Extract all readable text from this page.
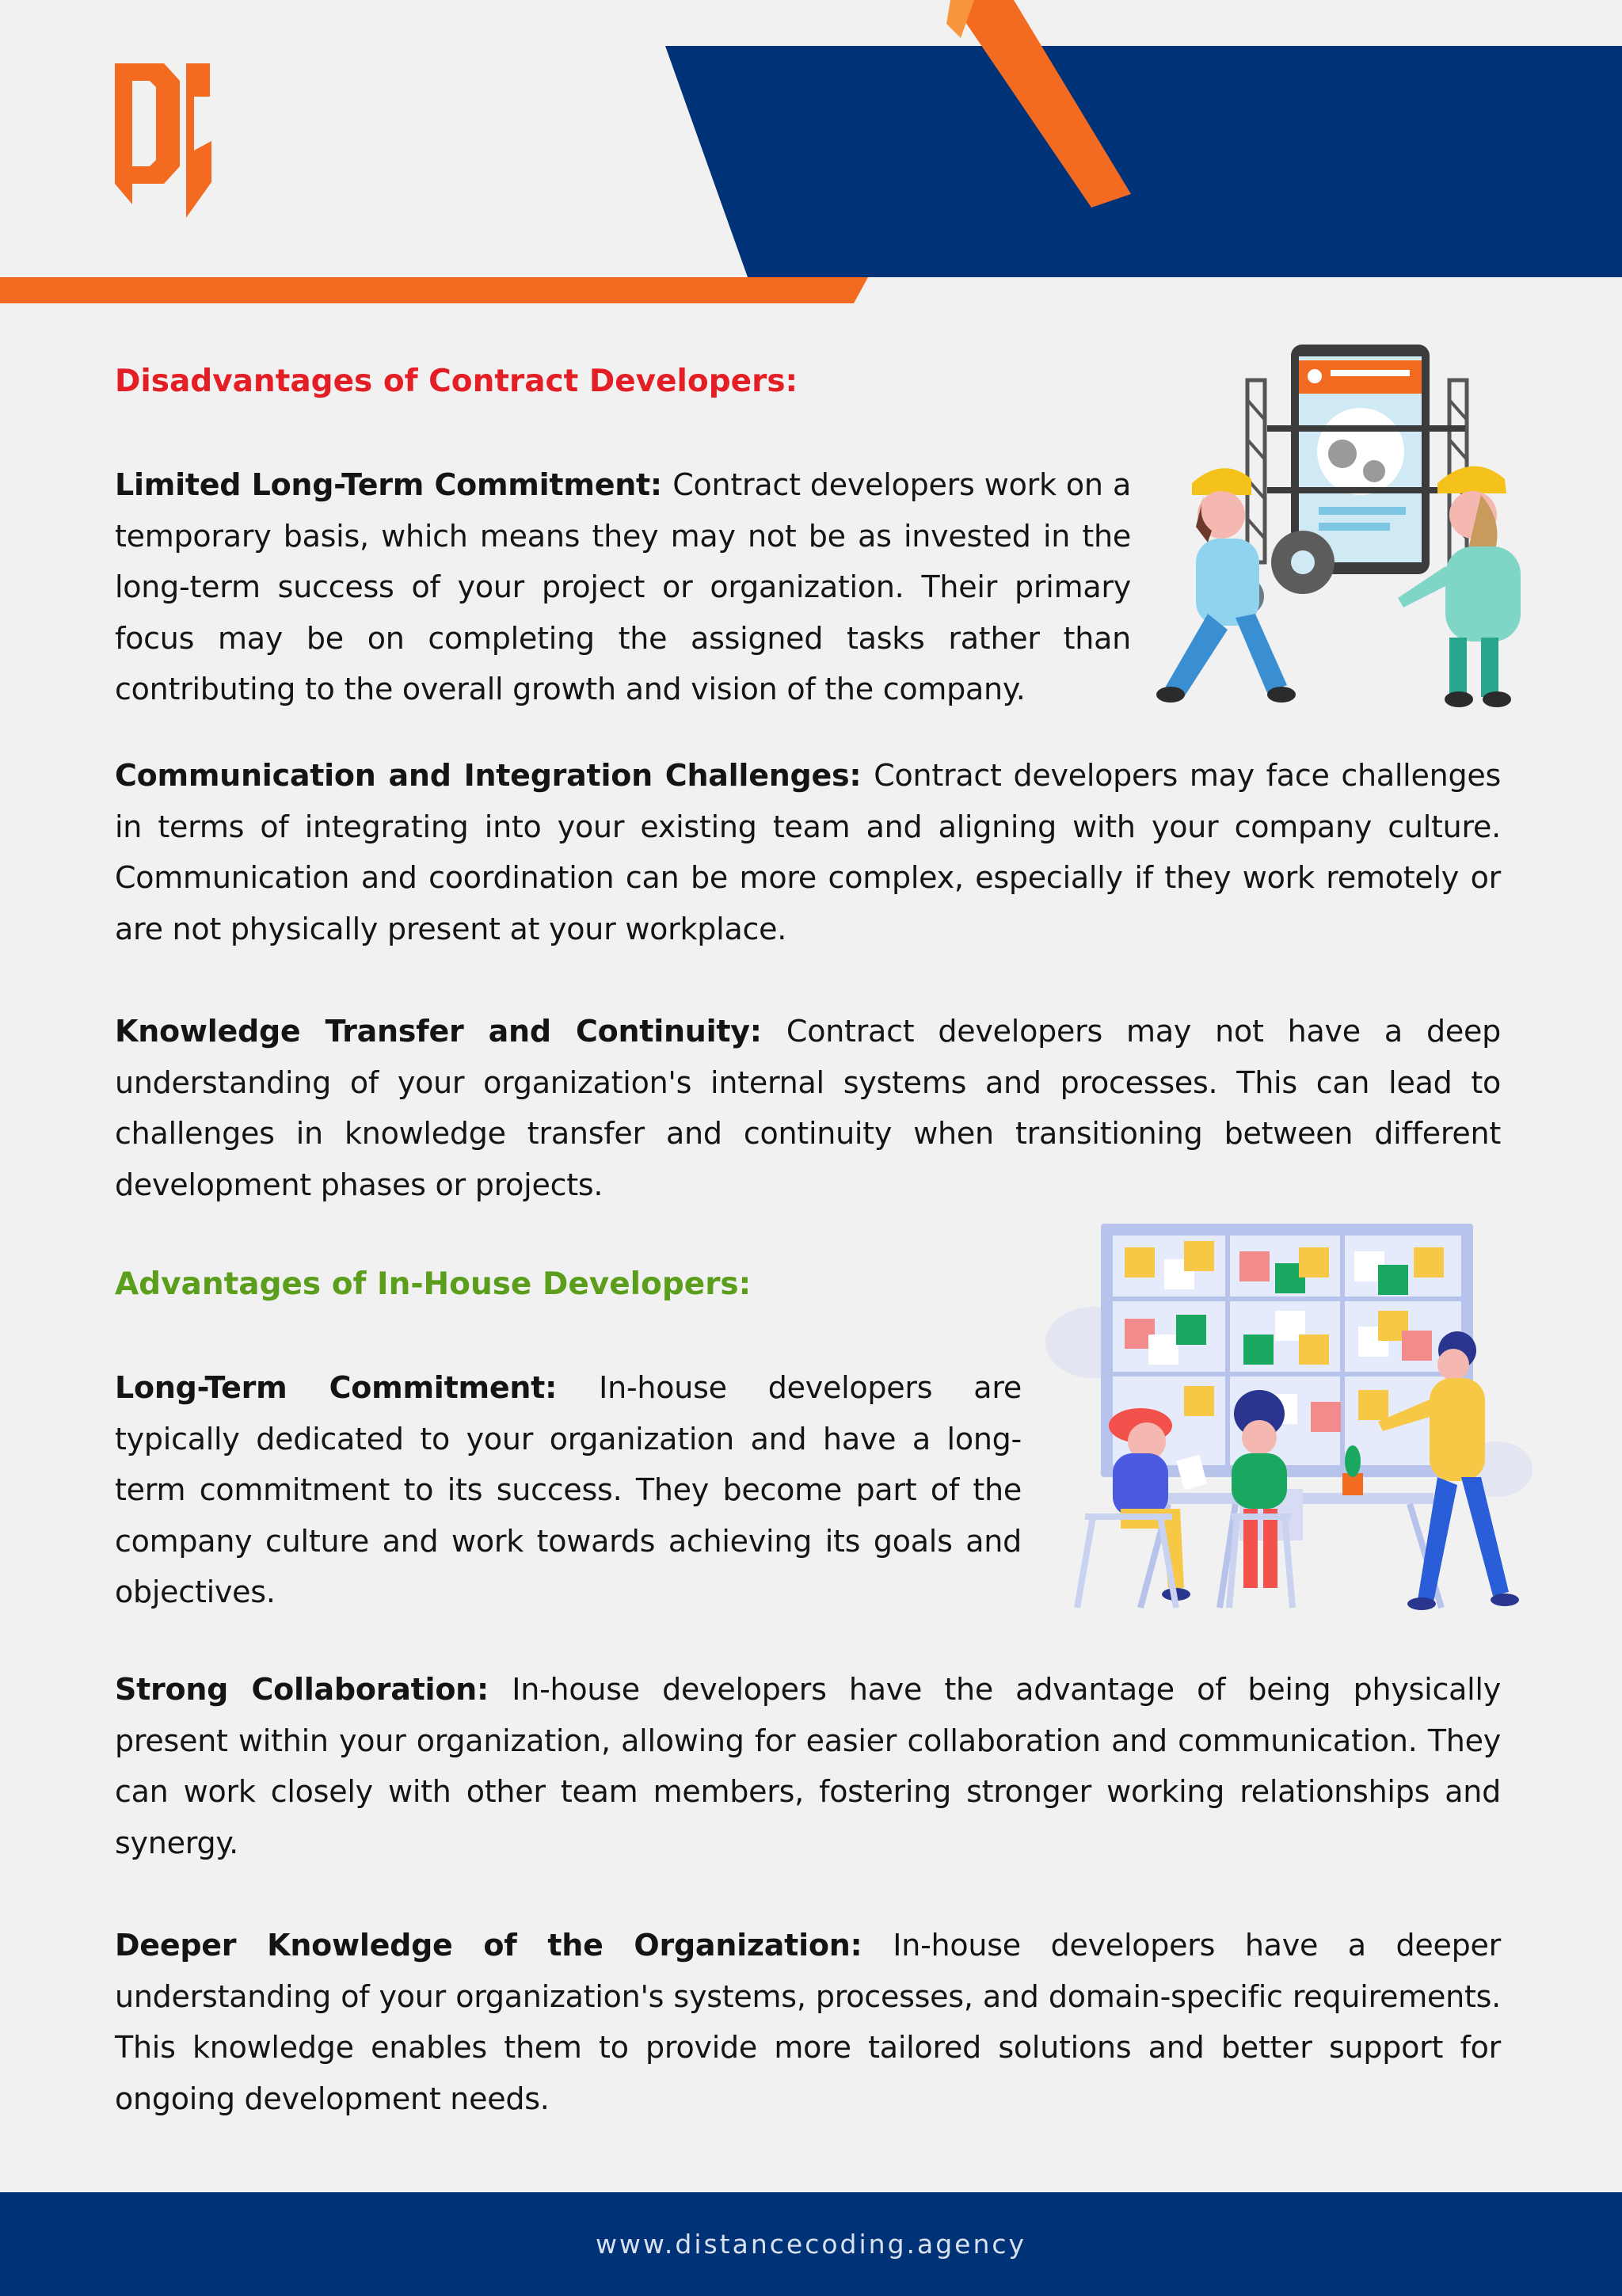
Disadvantages of Contract Developers:

Limited Long-Term Commitment: Contract developers work on a temporary basis, which means they may not be as invested in the long-term success of your project or organization. Their primary focus may be on completing the assigned tasks rather than contributing to the overall growth and vision of the company.

Communication and Integration Challenges: Contract developers may face challenges in terms of integrating into your existing team and aligning with your company culture. Communication and coordination can be more complex, especially if they work remotely or are not physically present at your workplace.

Knowledge Transfer and Continuity: Contract developers may not have a deep understanding of your organization's internal systems and processes. This can lead to challenges in knowledge transfer and continuity when transitioning between different development phases or projects.

Advantages of In-House Developers:

Long-Term Commitment: In-house developers are typically dedicated to your organization and have a long-term commitment to its success. They become part of the company culture and work towards achieving its goals and objectives.

Strong Collaboration: In-house developers have the advantage of being physically present within your organization, allowing for easier collaboration and communication. They can work closely with other team members, fostering stronger working relationships and synergy.

Deeper Knowledge of the Organization: In-house developers have a deeper understanding of your organization's systems, processes, and domain-specific requirements. This knowledge enables them to provide more tailored solutions and better support for ongoing development needs.

www.distancecoding.agency
